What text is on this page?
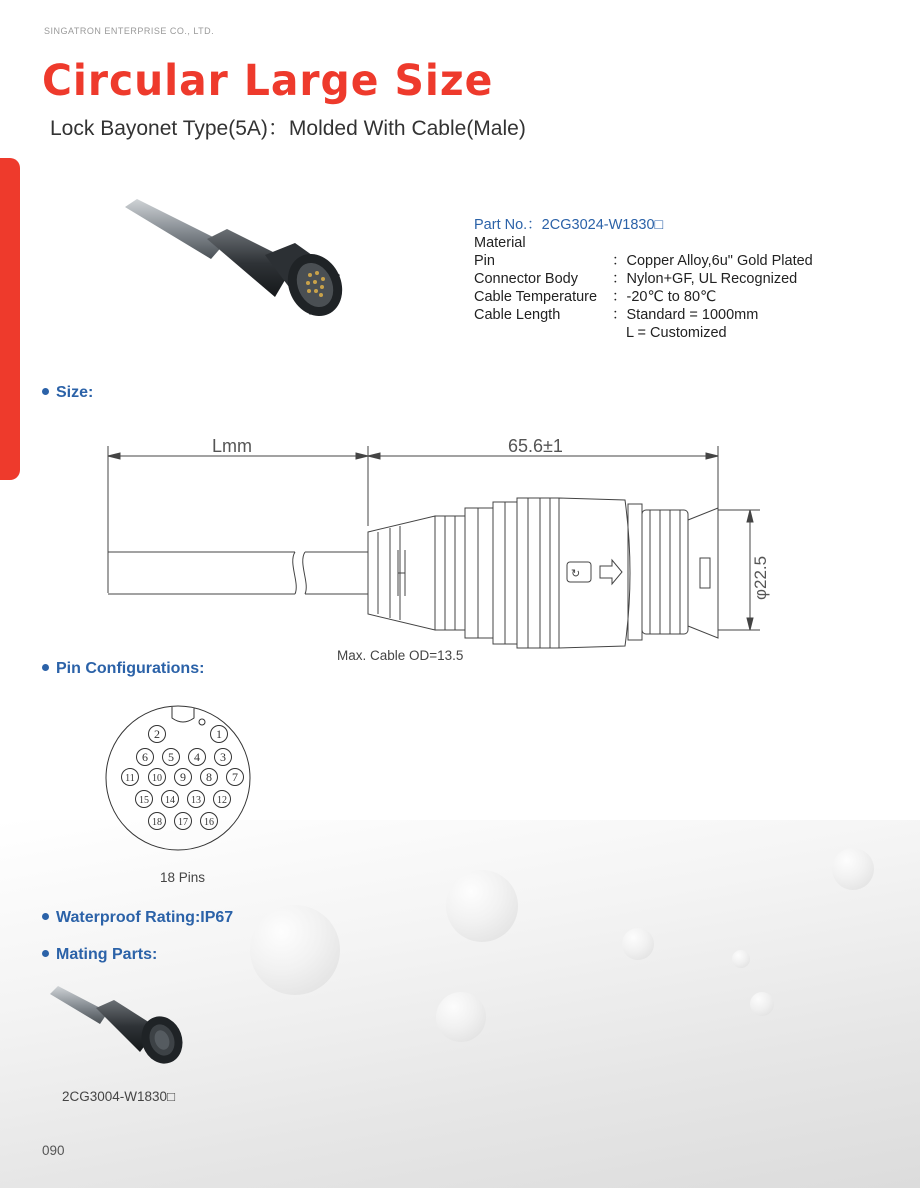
SINGATRON ENTERPRISE CO., LTD.
Circular Large Size
Lock Bayonet Type(5A)：Molded With Cable(Male)
Part No.：2CG3024-W1830□
Material
Pin	：Copper Alloy,6u" Gold Plated
Connector Body ：Nylon+GF, UL Recognized
Cable Temperature ：-20℃ to 80℃
Cable Length	：Standard = 1000mm
L = Customized
Size:
Lmm	65.6±1
↻	φ22.5
Max. Cable OD=13.5
Pin Configurations:
1
2
3
4
5
6
7
8
9
10
11
12
13
14
15
16
17
18
18 Pins
Waterproof Rating:IP67
Mating Parts:
2CG3004-W1830□
090
